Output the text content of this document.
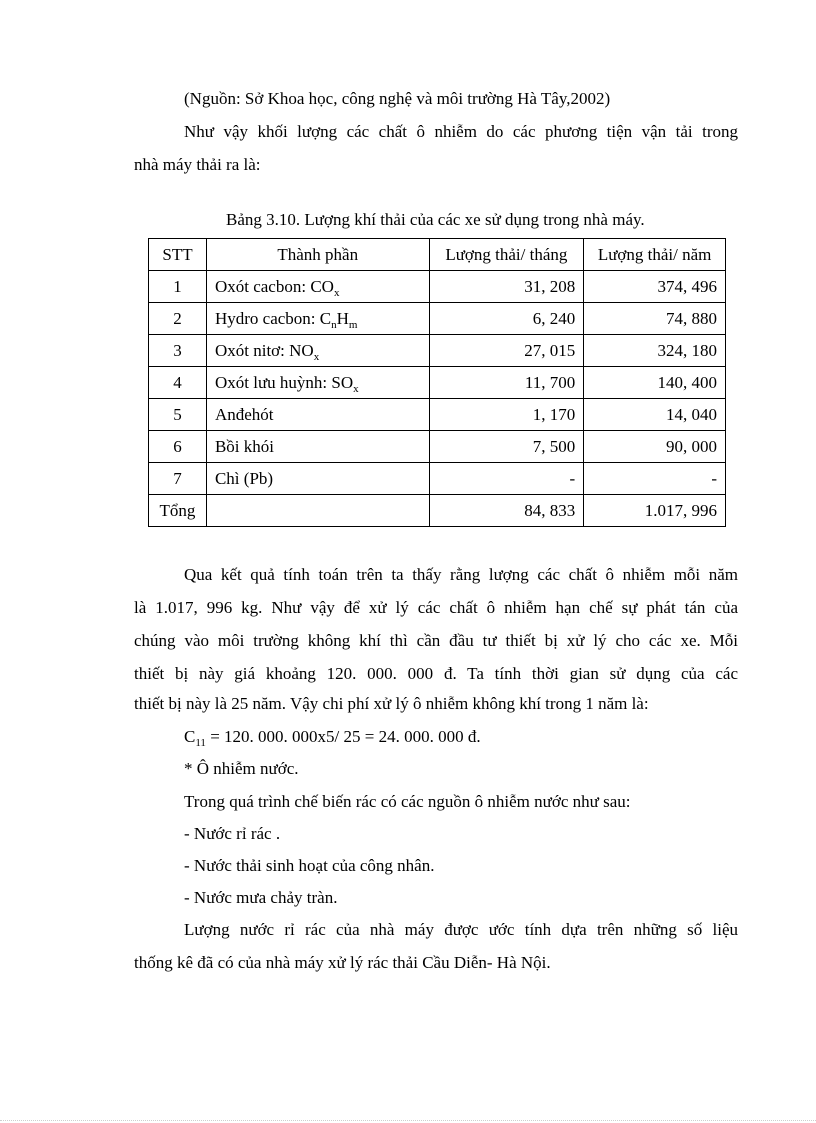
(Nguồn: Sở Khoa học, công nghệ và môi trường Hà Tây,2002)
Như vậy khối lượng các chất ô nhiễm do các phương tiện vận tải trong
nhà máy thải ra là:
Bảng 3.10. Lượng khí thải của các xe sử dụng trong nhà máy.
STT	Thành phần	Lượng thải/ tháng	Lượng thải/ năm
1	Oxót cacbon: $CO_x$	31, 208	374, 496
2	Hydro cacbon: $C_nH_m$	6, 240	74, 880
3	Oxót nitơ: $NO_x$	27, 015	324, 180
4	Oxót lưu huỳnh: $SO_x$	11, 700	140, 400
5	Anđehót	1, 170	14, 040
6	Bồi khói	7, 500	90, 000
7	Chì (Pb)	-	-
Tổng		84, 833	1.017, 996
Qua kết quả tính toán trên ta thấy rằng lượng các chất ô nhiễm mỗi năm
là 1.017, 996 kg. Như vậy để xử lý các chất ô nhiễm hạn chế sự phát tán của
chúng vào môi trường không khí thì cần đầu tư thiết bị xử lý cho các xe. Mỗi
thiết bị này giá khoảng 120. 000. 000 đ. Ta tính thời gian sử dụng của các
thiết bị này là 25 năm. Vậy chi phí xử lý ô nhiễm không khí trong 1 năm là:
$C_{11} = 120$. 000. 000x5/ 25 = 24. 000. 000 đ.
* Ô nhiễm nước.
Trong quá trình chế biến rác có các nguồn ô nhiễm nước như sau:
- Nước rỉ rác .
- Nước thải sinh hoạt của công nhân.
- Nước mưa chảy tràn.
Lượng nước rỉ rác của nhà máy được ước tính dựa trên những số liệu
thống kê đã có của nhà máy xử lý rác thải Cầu Diễn- Hà Nội.
